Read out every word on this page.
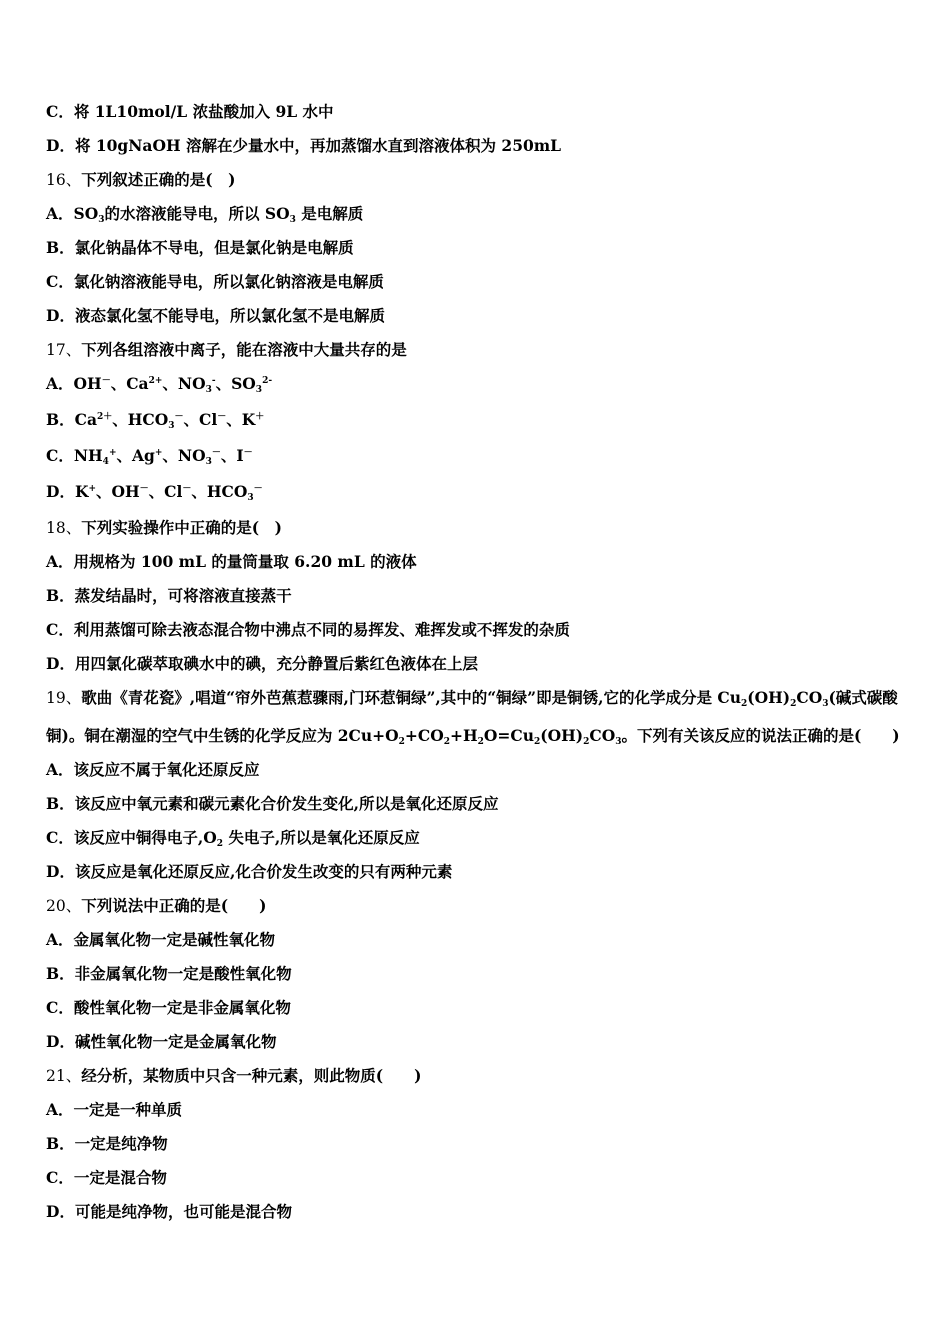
C．将 1L10mol/L 浓盐酸加入 9L 水中
D．将 10gNaOH 溶解在少量水中，再加蒸馏水直到溶液体积为 250mL
16、下列叙述正确的是(　)
A．$SO_3$的水溶液能导电，所以 $SO_3$ 是电解质
B．氯化钠晶体不导电，但是氯化钠是电解质
C．氯化钠溶液能导电，所以氯化钠溶液是电解质
D．液态氯化氢不能导电，所以氯化氢不是电解质
17、下列各组溶液中离子，能在溶液中大量共存的是
A．OH－、$Ca^{2+}$、$NO_3^-$、$SO_3^{2-}$
B．$Ca^{2+}$、$HCO_3^-$、Cl－、K＋
C．$NH_4^+$、Ag+、$NO_3^-$、I－
D．K+、OH－、Cl－、$HCO_3^-$
18、下列实验操作中正确的是(　)
A．用规格为 100 mL 的量筒量取 6.20 mL 的液体
B．蒸发结晶时，可将溶液直接蒸干
C．利用蒸馏可除去液态混合物中沸点不同的易挥发、难挥发或不挥发的杂质
D．用四氯化碳萃取碘水中的碘，充分静置后紫红色液体在上层
19、歌曲《青花瓷》,唱道“帘外芭蕉惹骤雨,门环惹铜绿”,其中的“铜绿”即是铜锈,它的化学成分是 $Cu_2(OH)_2CO_3$(碱式碳酸
铜)。铜在潮湿的空气中生锈的化学反应为 $2Cu+O_2+CO_2+H_2O=Cu_2(OH)_2CO_3$。下列有关该反应的说法正确的是(　　)
A．该反应不属于氧化还原反应
B．该反应中氧元素和碳元素化合价发生变化,所以是氧化还原反应
C．该反应中铜得电子$,O_2$ 失电子,所以是氧化还原反应
D．该反应是氧化还原反应,化合价发生改变的只有两种元素
20、下列说法中正确的是(　　)
A．金属氧化物一定是碱性氧化物
B．非金属氧化物一定是酸性氧化物
C．酸性氧化物一定是非金属氧化物
D．碱性氧化物一定是金属氧化物
21、经分析，某物质中只含一种元素，则此物质(　　)
A．一定是一种单质
B．一定是纯净物
C．一定是混合物
D．可能是纯净物，也可能是混合物
